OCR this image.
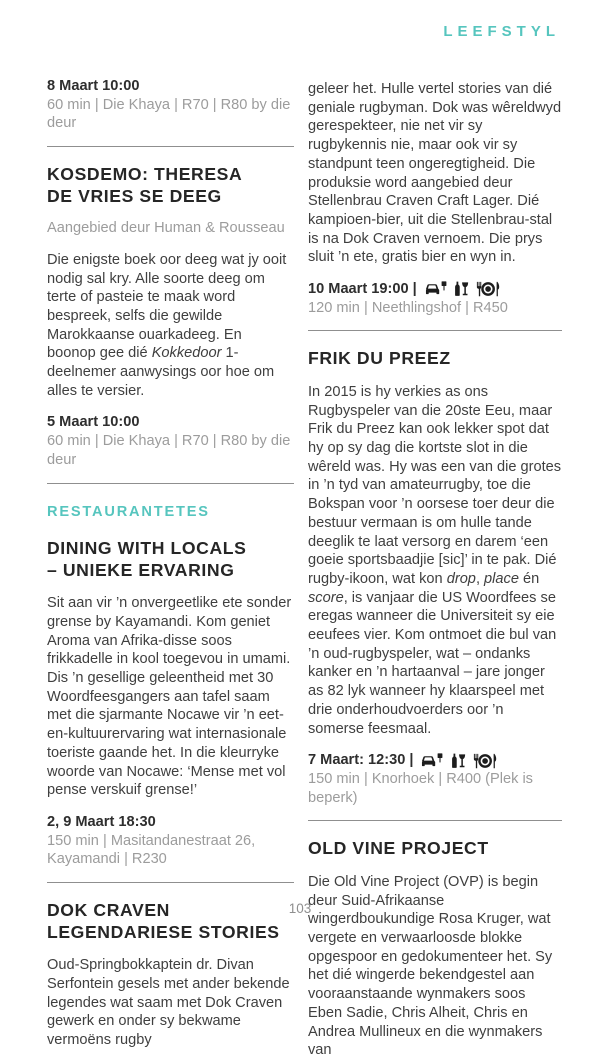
LEEFSTYL
8 Maart 10:00
60 min | Die Khaya | R70 | R80 by die deur
KOSDEMO: THERESA
DE VRIES SE DEEG

Aangebied deur Human & Rousseau

Die enigste boek oor deeg wat jy ooit nodig sal kry. Alle soorte deeg om terte of pasteie te maak word bespreek, selfs die gewilde Marokkaanse ouarkadeeg. En boonop gee dié Kokkedoor 1-deelnemer aanwysings oor hoe om alles te versier.

5 Maart 10:00
60 min | Die Khaya | R70 | R80 by die deur
RESTAURANTETES
DINING WITH LOCALS
– UNIEKE ERVARING

Sit aan vir ’n onvergeetlike ete sonder grense by Kayamandi. Kom geniet Aroma van Afrika-disse soos frikkadelle in kool toegevou in umami. Dis ’n gesellige geleentheid met 30 Woordfeesgangers aan tafel saam met die sjarmante Nocawe vir ’n eet-en-kultuurervaring wat internasionale toeriste gaande het. In die kleurryke woorde van Nocawe: ‘Mense met vol pense verskuif grense!’

2, 9 Maart 18:30
150 min | Masitandanestraat 26, Kayamandi | R230
DOK CRAVEN
LEGENDARIESE STORIES

Oud-Springbokkaptein dr. Divan Serfontein gesels met ander bekende legendes wat saam met Dok Craven gewerk en onder sy bekwame vermoëns rugby

geleer het. Hulle vertel stories van dié geniale rugbyman. Dok was wêreldwyd gerespekteer, nie net vir sy rugbykennis nie, maar ook vir sy standpunt teen ongeregtigheid. Die produksie word aangebied deur Stellenbrau Craven Craft Lager. Dié kampioen-bier, uit die Stellenbrau-stal is na Dok Craven vernoem. Die prys sluit ’n ete, gratis bier en wyn in.

10 Maart 19:00 |
120 min | Neethlingshof | R450
FRIK DU PREEZ

In 2015 is hy verkies as ons Rugbyspeler van die 20ste Eeu, maar Frik du Preez kan ook lekker spot dat hy op sy dag die kortste slot in die wêreld was. Hy was een van die grotes in ’n tyd van amateurrugby, toe die Bokspan voor ’n oorsese toer deur die bestuur vermaan is om hulle tande deeglik te laat versorg en darem ‘een goeie sportsbaadjie [sic]’ in te pak. Dié rugby-ikoon, wat kon drop, place én score, is vanjaar die US Woordfees se eregas wanneer die Universiteit sy eie eeufees vier. Kom ontmoet die bul van ’n oud-rugbyspeler, wat – ondanks kanker en ’n hartaanval – jare jonger as 82 lyk wanneer hy klaarspeel met drie onderhoudvoerders oor ’n somerse feesmaal.

7 Maart: 12:30 |
150 min | Knorhoek | R400 (Plek is beperk)
OLD VINE PROJECT

Die Old Vine Project (OVP) is begin deur Suid-Afrikaanse wingerdboukundige Rosa Kruger, wat vergete en verwaarloosde blokke opgespoor en gedokumenteer het. Sy het dié wingerde bekendgestel aan vooraanstaande wynmakers soos Eben Sadie, Chris Alheit, Chris en Andrea Mullineux en die wynmakers van

103
